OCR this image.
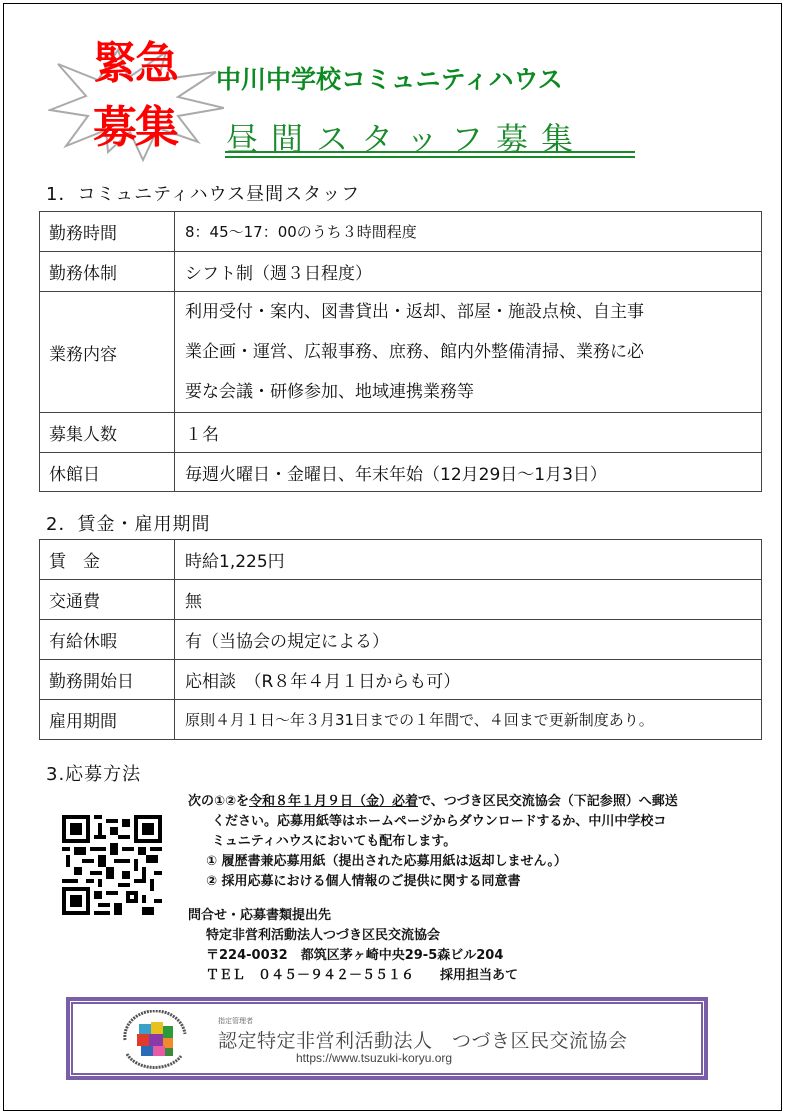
緊急
募集
中川中学校コミュニティハウス
昼間スタッフ募集
1．コミュニティハウス昼間スタッフ
勤務時間	8：45～17：00のうち３時間程度
勤務体制	シフト制（週３日程度）
業務内容	利用受付・案内、図書貸出・返却、部屋・施設点検、自主事
業企画・運営、広報事務、庶務、館内外整備清掃、業務に必
要な会議・研修参加、地域連携業務等

募集人数	１名
休館日	毎週火曜日・金曜日、年末年始（12月29日～1月3日）
2．賃金・雇用期間
賃　金	時給1,225円
交通費	無
有給休暇	有（当協会の規定による）
勤務開始日	応相談　（R８年４月１日からも可）
雇用期間	原則４月１日～年３月31日までの１年間で、４回まで更新制度あり。
3.応募方法
次の①②を令和８年１月９日（金）必着で、つづき区民交流協会（下記参照）へ郵送
ください。応募用紙等はホームページからダウンロードするか、中川中学校コ
ミュニティハウスにおいても配布します。
① 履歴書兼応募用紙（提出された応募用紙は返却しません。）
② 採用応募における個人情報のご提供に関する同意書
問合せ・応募書類提出先
特定非営利活動法人つづき区民交流協会
〒224-0032　都筑区茅ヶ崎中央29-5森ビル204
ＴＥＬ　０４５－９４２－５５１６　　採用担当あて
指定管理者
認定特定非営利活動法人　つづき区民交流協会
https://www.tsuzuki-koryu.org
